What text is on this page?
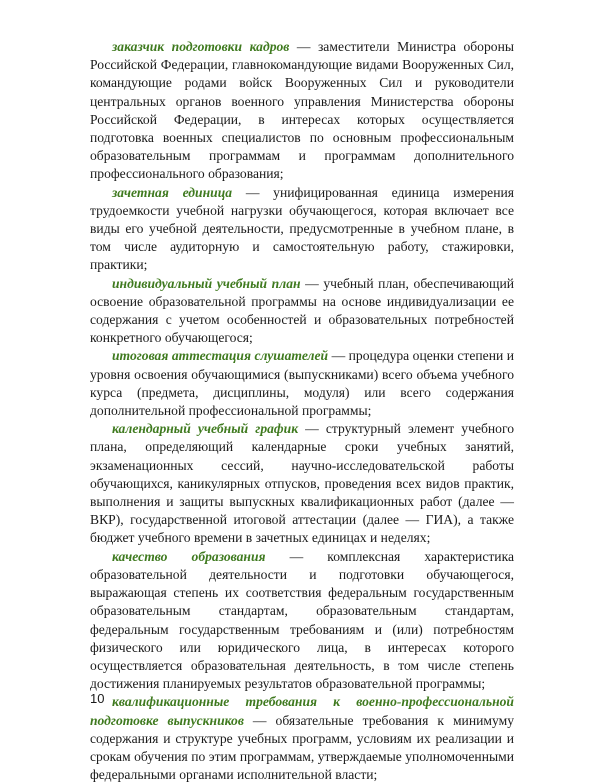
заказчик подготовки кадров — заместители Министра обороны Российской Федерации, главнокомандующие видами Вооруженных Сил, командующие родами войск Вооруженных Сил и руководители центральных органов военного управления Министерства обороны Российской Федерации, в интересах которых осуществляется подготовка военных специалистов по основным профессиональным образовательным программам и программам дополнительного профессионального образования;

зачетная единица — унифицированная единица измерения трудоемкости учебной нагрузки обучающегося, которая включает все виды его учебной деятельности, предусмотренные в учебном плане, в том числе аудиторную и самостоятельную работу, стажировки, практики;

индивидуальный учебный план — учебный план, обеспечивающий освоение образовательной программы на основе индивидуализации ее содержания с учетом особенностей и образовательных потребностей конкретного обучающегося;

итоговая аттестация слушателей — процедура оценки степени и уровня освоения обучающимися (выпускниками) всего объема учебного курса (предмета, дисциплины, модуля) или всего содержания дополнительной профессиональной программы;

календарный учебный график — структурный элемент учебного плана, определяющий календарные сроки учебных занятий, экзаменационных сессий, научно-исследовательской работы обучающихся, каникулярных отпусков, проведения всех видов практик, выполнения и защиты выпускных квалификационных работ (далее — ВКР), государственной итоговой аттестации (далее — ГИА), а также бюджет учебного времени в зачетных единицах и неделях;

качество образования — комплексная характеристика образовательной деятельности и подготовки обучающегося, выражающая степень их соответствия федеральным государственным образовательным стандартам, образовательным стандартам, федеральным государственным требованиям и (или) потребностям физического или юридического лица, в интересах которого осуществляется образовательная деятельность, в том числе степень достижения планируемых результатов образовательной программы;

квалификационные требования к военно-профессиональной подготовке выпускников — обязательные требования к минимуму содержания и структуре учебных программ, условиям их реализации и срокам обучения по этим программам, утверждаемые уполномоченными федеральными органами исполнительной власти;

10
